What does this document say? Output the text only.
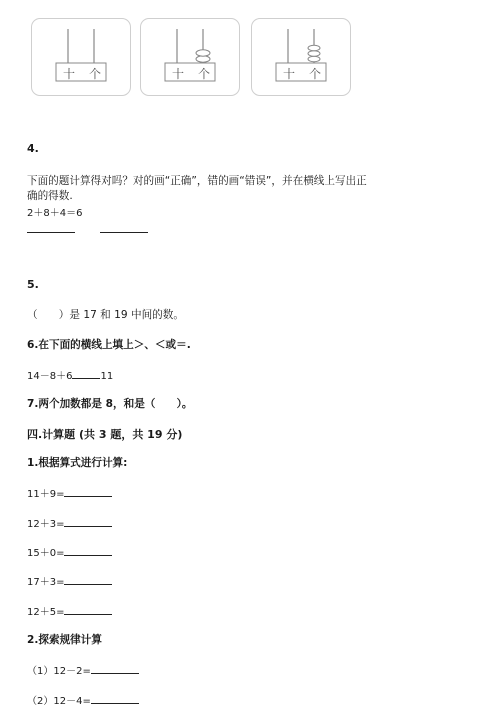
十 个	十 个	十 个
4.
下面的题计算得对吗？对的画“正确”，错的画“错误”，并在横线上写出正
确的得数.
2＋8＋4＝6
5.
（　　）是 17 和 19 中间的数。
6.在下面的横线上填上＞、＜或＝.
14－8＋6	11
7.两个加数都是 8，和是（　　）。
四.计算题 (共 3 题，共 19 分)
1.根据算式进行计算:
11＋9=
12＋3=
15＋0=
17＋3=
12＋5=
2.探索规律计算
（1）12－2=
（2）12－4=
